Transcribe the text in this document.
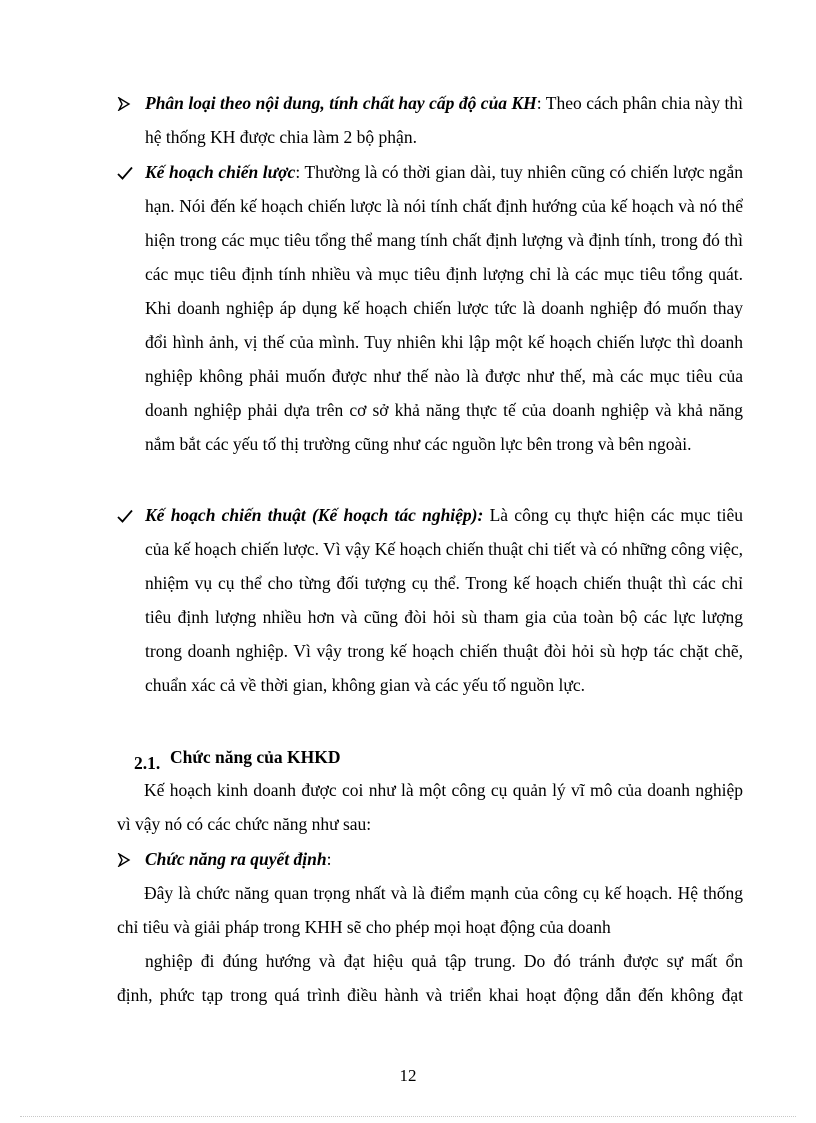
Phân loại theo nội dung, tính chất hay cấp độ của KH: Theo cách phân chia này thì hệ thống KH được chia làm 2 bộ phận.

Kế hoạch chiến lược: Thường là có thời gian dài, tuy nhiên cũng có chiến lược ngắn hạn. Nói đến kế hoạch chiến lược là nói tính chất định hướng của kế hoạch và nó thể hiện trong các mục tiêu tổng thể mang tính chất định lượng và định tính, trong đó thì các mục tiêu định tính nhiều và mục tiêu định lượng chỉ là các mục tiêu tổng quát. Khi doanh nghiệp áp dụng kế hoạch chiến lược tức là doanh nghiệp đó muốn thay đổi hình ảnh, vị thế của mình. Tuy nhiên khi lập một kế hoạch chiến lược thì doanh nghiệp không phải muốn được như thế nào là được như thế, mà các mục tiêu của doanh nghiệp phải dựa trên cơ sở khả năng thực tế của doanh nghiệp và khả năng nắm bắt các yếu tố thị trường cũng như các nguồn lực bên trong và bên ngoài.

Kế hoạch chiến thuật (Kế hoạch tác nghiệp): Là công cụ thực hiện các mục tiêu của kế hoạch chiến lược. Vì vậy Kế hoạch chiến thuật chi tiết và có những công việc, nhiệm vụ cụ thể cho từng đối tượng cụ thể. Trong kế hoạch chiến thuật thì các chỉ tiêu định lượng nhiều hơn và cũng đòi hỏi sù tham gia của toàn bộ các lực lượng trong doanh nghiệp. Vì vậy trong kế hoạch chiến thuật đòi hỏi sù hợp tác chặt chẽ, chuẩn xác cả về thời gian, không gian và các yếu tố nguồn lực.

2.1. Chức năng của KHKD

Kế hoạch kinh doanh được coi như là một công cụ quản lý vĩ mô của doanh nghiệp vì vậy nó có các chức năng như sau:

Chức năng ra quyết định:

Đây là chức năng quan trọng nhất và là điểm mạnh của công cụ kế hoạch. Hệ thống chỉ tiêu và giải pháp trong KHH sẽ cho phép mọi hoạt động của doanh

nghiệp đi đúng hướng và đạt hiệu quả tập trung. Do đó tránh được sự mất ổn

định, phức tạp trong quá trình điều hành và triển khai hoạt động dẫn đến không đạt

12
